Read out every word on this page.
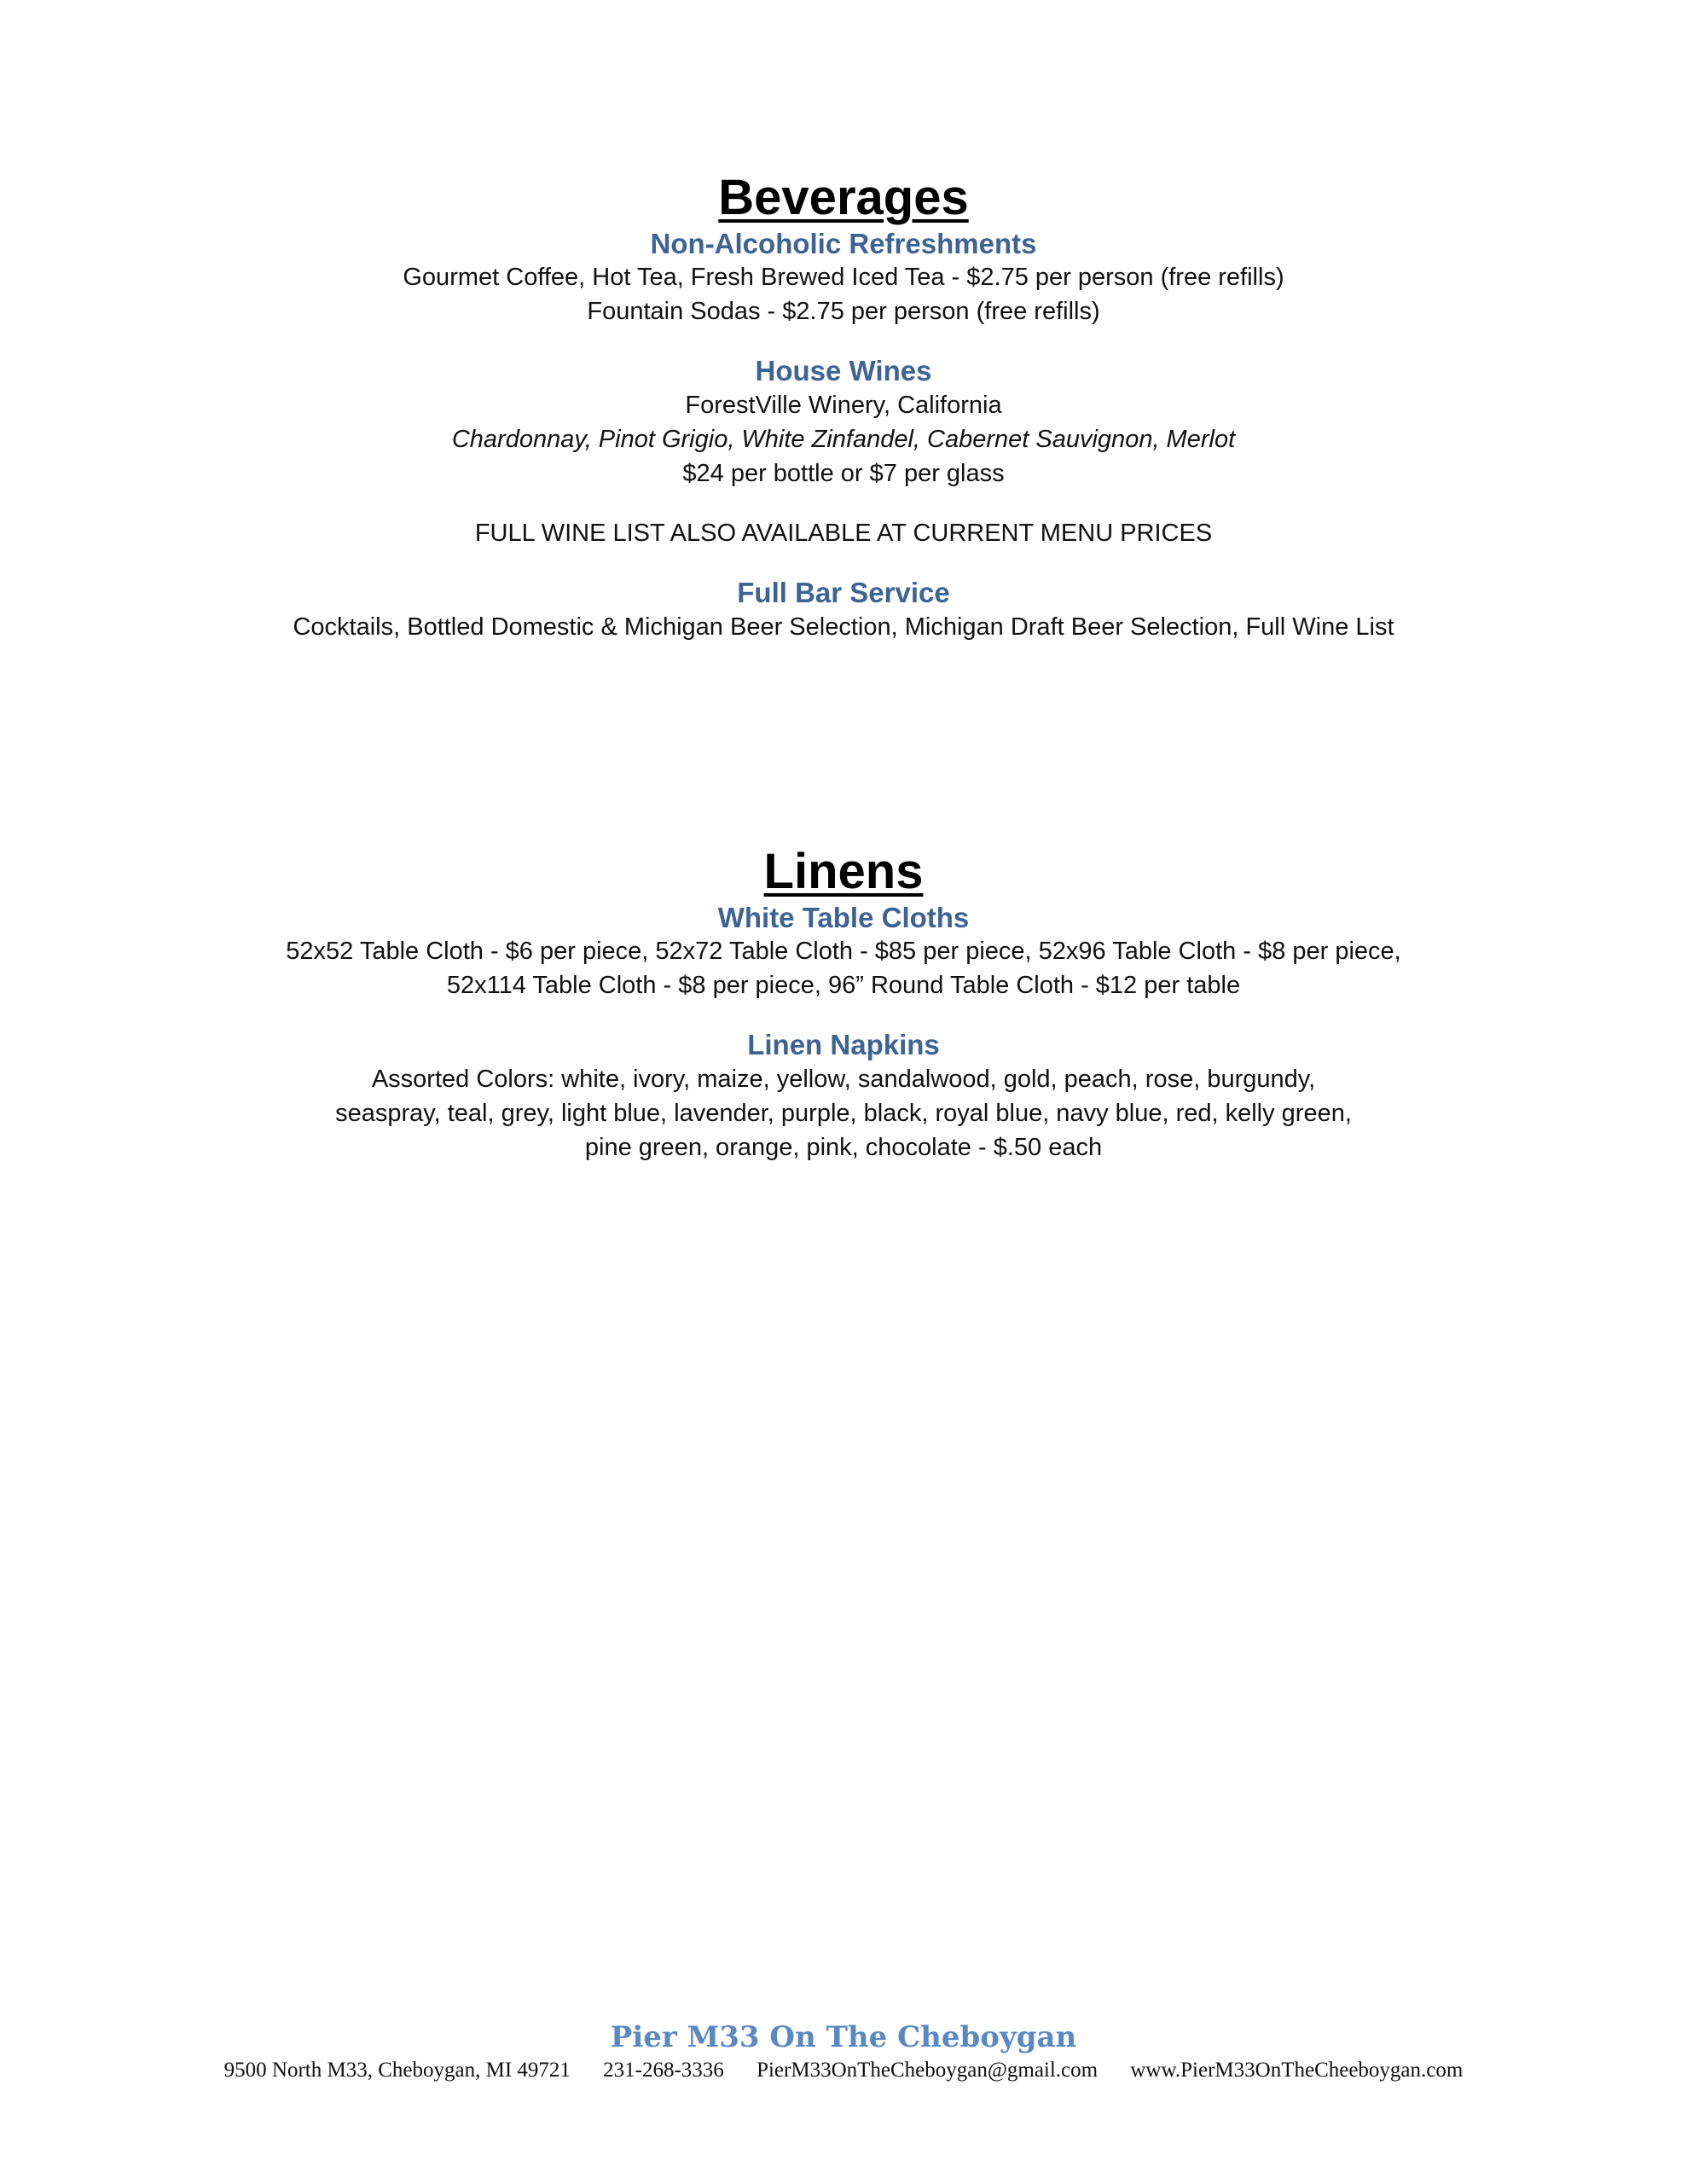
Beverages

Non-Alcoholic Refreshments

Gourmet Coffee, Hot Tea, Fresh Brewed Iced Tea - $2.75 per person (free refills)

Fountain Sodas - $2.75 per person (free refills)

House Wines

ForestVille Winery, California

Chardonnay, Pinot Grigio, White Zinfandel, Cabernet Sauvignon, Merlot

$24 per bottle or $7 per glass

FULL WINE LIST ALSO AVAILABLE AT CURRENT MENU PRICES

Full Bar Service

Cocktails, Bottled Domestic & Michigan Beer Selection, Michigan Draft Beer Selection, Full Wine List

Linens

White Table Cloths

52x52 Table Cloth - $6 per piece, 52x72 Table Cloth - $85 per piece, 52x96 Table Cloth - $8 per piece,

52x114 Table Cloth - $8 per piece, 96” Round Table Cloth - $12 per table

Linen Napkins

Assorted Colors: white, ivory, maize, yellow, sandalwood, gold, peach, rose, burgundy,

seaspray, teal, grey, light blue, lavender, purple, black, royal blue, navy blue, red, kelly green,

pine green, orange, pink, chocolate - $.50 each

Pier M33 On The Cheboygan

9500 North M33, Cheboygan, MI 49721 231-268-3336 PierM33OnTheCheboygan@gmail.com www.PierM33OnTheCheeboygan.com
